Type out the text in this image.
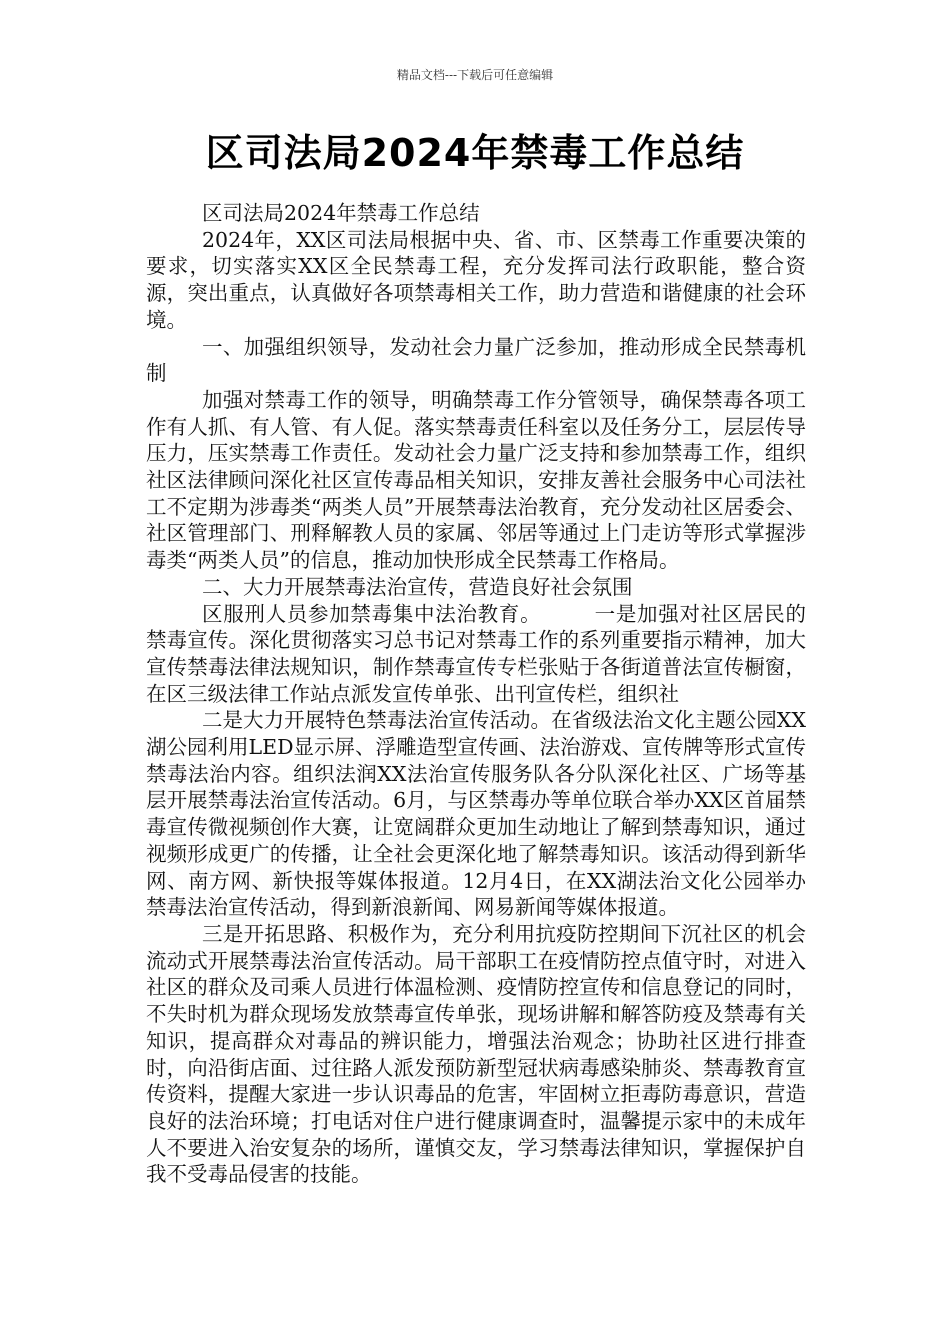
精品文档---下载后可任意编辑
区司法局2024年禁毒工作总结

区司法局2024年禁毒工作总结

2024年，XX区司法局根据中央、省、市、区禁毒工作重要决策的要求，切实落实XX区全民禁毒工程，充分发挥司法行政职能，整合资源，突出重点，认真做好各项禁毒相关工作，助力营造和谐健康的社会环境。

一、加强组织领导，发动社会力量广泛参加，推动形成全民禁毒机制

加强对禁毒工作的领导，明确禁毒工作分管领导，确保禁毒各项工作有人抓、有人管、有人促。落实禁毒责任科室以及任务分工，层层传导压力，压实禁毒工作责任。发动社会力量广泛支持和参加禁毒工作，组织社区法律顾问深化社区宣传毒品相关知识，安排友善社会服务中心司法社工不定期为涉毒类“两类人员”开展禁毒法治教育，充分发动社区居委会、社区管理部门、刑释解教人员的家属、邻居等通过上门走访等形式掌握涉毒类“两类人员”的信息，推动加快形成全民禁毒工作格局。

二、大力开展禁毒法治宣传，营造良好社会氛围

区服刑人员参加禁毒集中法治教育。　　　一是加强对社区居民的禁毒宣传。深化贯彻落实习总书记对禁毒工作的系列重要指示精神，加大宣传禁毒法律法规知识，制作禁毒宣传专栏张贴于各街道普法宣传橱窗，在区三级法律工作站点派发宣传单张、出刊宣传栏，组织社

二是大力开展特色禁毒法治宣传活动。在省级法治文化主题公园XX湖公园利用LED显示屏、浮雕造型宣传画、法治游戏、宣传牌等形式宣传禁毒法治内容。组织法润XX法治宣传服务队各分队深化社区、广场等基层开展禁毒法治宣传活动。6月，与区禁毒办等单位联合举办XX区首届禁毒宣传微视频创作大赛，让宽阔群众更加生动地让了解到禁毒知识，通过视频形成更广的传播，让全社会更深化地了解禁毒知识。该活动得到新华网、南方网、新快报等媒体报道。12月4日，在XX湖法治文化公园举办禁毒法治宣传活动，得到新浪新闻、网易新闻等媒体报道。

三是开拓思路、积极作为，充分利用抗疫防控期间下沉社区的机会流动式开展禁毒法治宣传活动。局干部职工在疫情防控点值守时，对进入社区的群众及司乘人员进行体温检测、疫情防控宣传和信息登记的同时，不失时机为群众现场发放禁毒宣传单张，现场讲解和解答防疫及禁毒有关知识，提高群众对毒品的辨识能力，增强法治观念；协助社区进行排查时，向沿街店面、过往路人派发预防新型冠状病毒感染肺炎、禁毒教育宣传资料，提醒大家进一步认识毒品的危害，牢固树立拒毒防毒意识，营造良好的法治环境；打电话对住户进行健康调查时，温馨提示家中的未成年人不要进入治安复杂的场所，谨慎交友，学习禁毒法律知识，掌握保护自我不受毒品侵害的技能。
